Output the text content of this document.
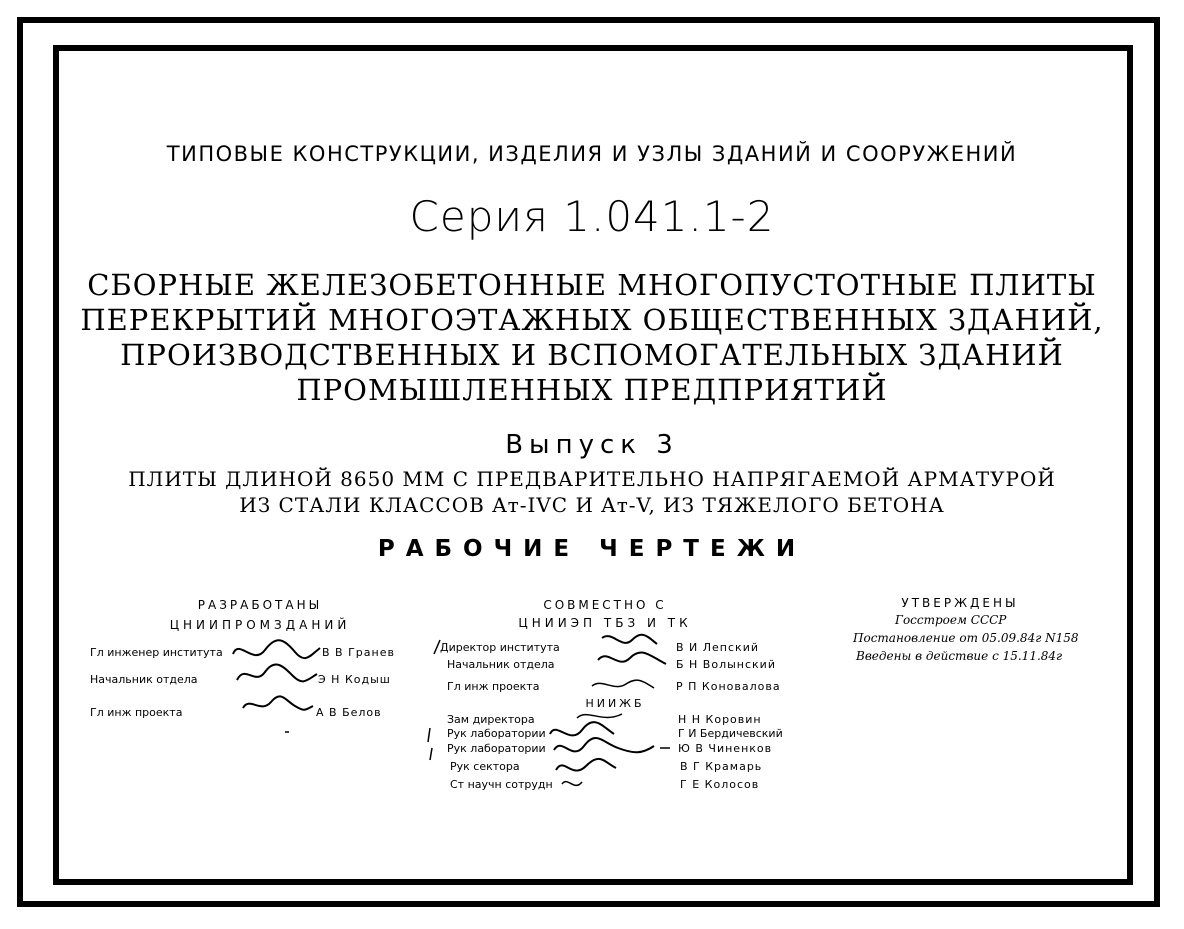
ТИПОВЫЕ КОНСТРУКЦИИ, ИЗДЕЛИЯ И УЗЛЫ ЗДАНИЙ И СООРУЖЕНИЙ
Серия 1.041.1-2
СБОРНЫЕ ЖЕЛЕЗОБЕТОННЫЕ МНОГОПУСТОТНЫЕ ПЛИТЫ
ПЕРЕКРЫТИЙ МНОГОЭТАЖНЫХ ОБЩЕСТВЕННЫХ ЗДАНИЙ,
ПРОИЗВОДСТВЕННЫХ И ВСПОМОГАТЕЛЬНЫХ ЗДАНИЙ
ПРОМЫШЛЕННЫХ ПРЕДПРИЯТИЙ
Выпуск 3
ПЛИТЫ ДЛИНОЙ 8650 ММ С ПРЕДВАРИТЕЛЬНО НАПРЯГАЕМОЙ АРМАТУРОЙ
ИЗ СТАЛИ КЛАССОВ Aт-IVC И Aт-V, ИЗ ТЯЖЕЛОГО БЕТОНА
РАБОЧИЕ ЧЕРТЕЖИ
РАЗРАБОТАНЫ
ЦНИИПРОМЗДАНИЙ
Гл инженер института	В В Гранев
Начальник отдела	Э Н Кодыш
Гл инж проекта	А В Белов
СОВМЕСТНО С
ЦНИИЭП ТБЗ И ТК
Директор института	В И Лепский
Начальник отдела	Б Н Волынский
Гл инж проекта	Р П Коновалова
НИИЖБ
Зам директора	Н Н Коровин
Рук лаборатории	Г И Бердичевский
Рук лаборатории	Ю В Чиненков
Рук сектора	В Г Крамарь
Ст научн сотрудн	Г Е Колосов
УТВЕРЖДЕНЫ
Госстроем СССР
Постановление от 05.09.84г N158
Введены в действие с 15.11.84г
